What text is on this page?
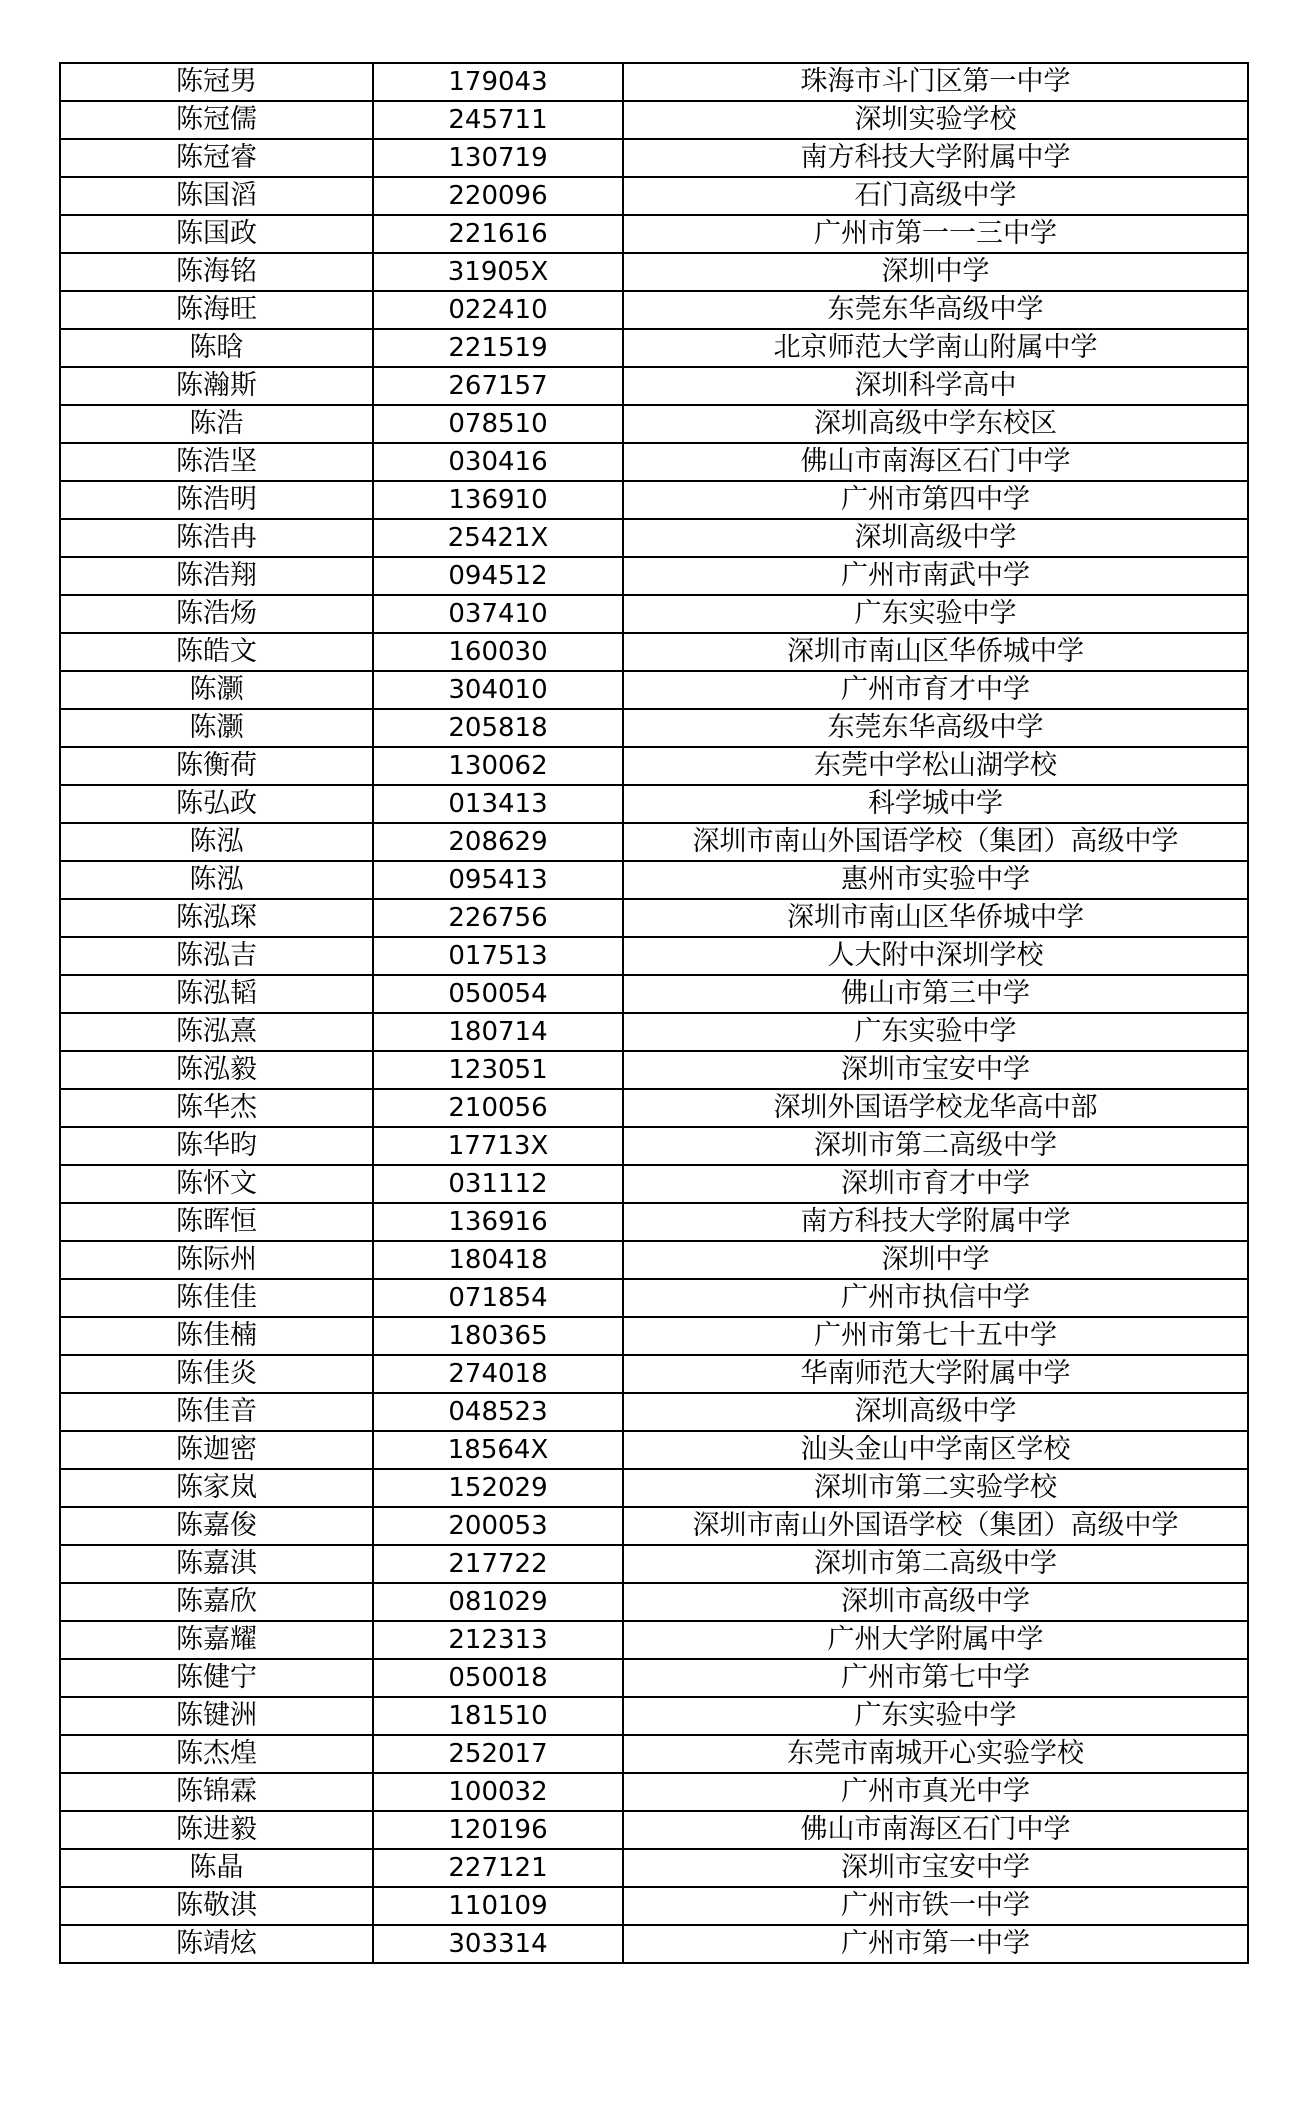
陈冠男	179043	珠海市斗门区第一中学
陈冠儒	245711	深圳实验学校
陈冠睿	130719	南方科技大学附属中学
陈国滔	220096	石门高级中学
陈国政	221616	广州市第一一三中学
陈海铭	31905X	深圳中学
陈海旺	022410	东莞东华高级中学
陈晗	221519	北京师范大学南山附属中学
陈瀚斯	267157	深圳科学高中
陈浩	078510	深圳高级中学东校区
陈浩坚	030416	佛山市南海区石门中学
陈浩明	136910	广州市第四中学
陈浩冉	25421X	深圳高级中学
陈浩翔	094512	广州市南武中学
陈浩炀	037410	广东实验中学
陈皓文	160030	深圳市南山区华侨城中学
陈灏	304010	广州市育才中学
陈灏	205818	东莞东华高级中学
陈衡荷	130062	东莞中学松山湖学校
陈弘政	013413	科学城中学
陈泓	208629	深圳市南山外国语学校（集团）高级中学
陈泓	095413	惠州市实验中学
陈泓琛	226756	深圳市南山区华侨城中学
陈泓吉	017513	人大附中深圳学校
陈泓韬	050054	佛山市第三中学
陈泓熹	180714	广东实验中学
陈泓毅	123051	深圳市宝安中学
陈华杰	210056	深圳外国语学校龙华高中部
陈华昀	17713X	深圳市第二高级中学
陈怀文	031112	深圳市育才中学
陈晖恒	136916	南方科技大学附属中学
陈际州	180418	深圳中学
陈佳佳	071854	广州市执信中学
陈佳楠	180365	广州市第七十五中学
陈佳炎	274018	华南师范大学附属中学
陈佳音	048523	深圳高级中学
陈迦密	18564X	汕头金山中学南区学校
陈家岚	152029	深圳市第二实验学校
陈嘉俊	200053	深圳市南山外国语学校（集团）高级中学
陈嘉淇	217722	深圳市第二高级中学
陈嘉欣	081029	深圳市高级中学
陈嘉耀	212313	广州大学附属中学
陈健宁	050018	广州市第七中学
陈键洲	181510	广东实验中学
陈杰煌	252017	东莞市南城开心实验学校
陈锦霖	100032	广州市真光中学
陈进毅	120196	佛山市南海区石门中学
陈晶	227121	深圳市宝安中学
陈敬淇	110109	广州市铁一中学
陈靖炫	303314	广州市第一中学
